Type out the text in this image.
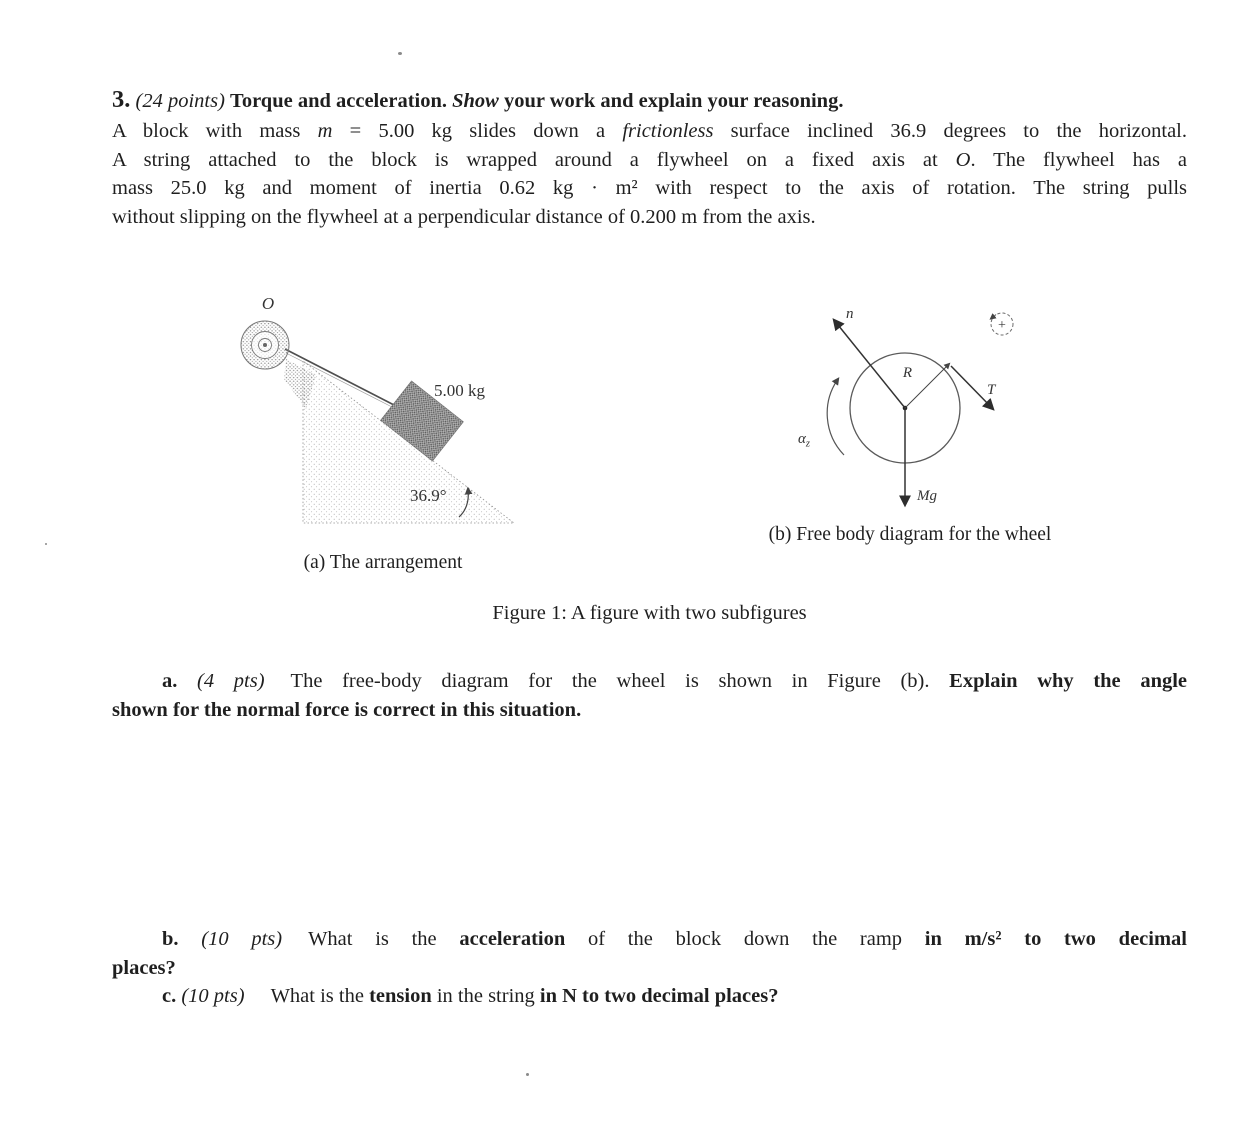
3. (24 points) Torque and acceleration. Show your work and explain your reasoning.
A block with mass m = 5.00 kg slides down a frictionless surface inclined 36.9 degrees to the horizontal.
A string attached to the block is wrapped around a flywheel on a fixed axis at O. The flywheel has a
mass 25.0 kg and moment of inertia 0.62 kg · m² with respect to the axis of rotation. The string pulls
without slipping on the flywheel at a perpendicular distance of 0.200 m from the axis.
O
5.00 kg
36.9°
(a) The arrangement
n
R
T
Mg
$\alpha_z$
+
(b) Free body diagram for the wheel
Figure 1: A figure with two subfigures
a. (4 pts) The free-body diagram for the wheel is shown in Figure (b). Explain why the angle
shown for the normal force is correct in this situation.
b. (10 pts) What is the acceleration of the block down the ramp in m/s² to two decimal
places?
c. (10 pts) What is the tension in the string in N to two decimal places?
